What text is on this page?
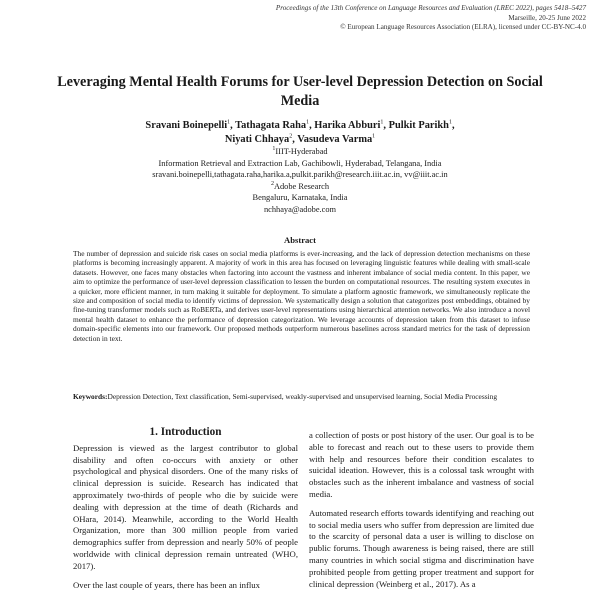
Proceedings of the 13th Conference on Language Resources and Evaluation (LREC 2022), pages 5418–5427
Marseille, 20-25 June 2022
© European Language Resources Association (ELRA), licensed under CC-BY-NC-4.0
Leveraging Mental Health Forums for User-level Depression Detection on Social Media
Sravani Boinepelli$^1$, Tathagata Raha$^1$, Harika Abburi$^1$, Pulkit Parikh$^1$,
Niyati Chhaya$^2$, Vasudeva Varma$^1$
$^1$IIIT-Hyderabad
Information Retrieval and Extraction Lab, Gachibowli, Hyderabad, Telangana, India
sravani.boinepelli,tathagata.raha,harika.a,pulkit.parikh@research.iiit.ac.in, vv@iiit.ac.in
$^2$Adobe Research
Bengaluru, Karnataka, India
nchhaya@adobe.com
Abstract
The number of depression and suicide risk cases on social media platforms is ever-increasing, and the lack of depression detection mechanisms on these platforms is becoming increasingly apparent. A majority of work in this area has focused on leveraging linguistic features while dealing with small-scale datasets. However, one faces many obstacles when factoring into account the vastness and inherent imbalance of social media content. In this paper, we aim to optimize the performance of user-level depression classification to lessen the burden on computational resources. The resulting system executes in a quicker, more efficient manner, in turn making it suitable for deployment. To simulate a platform agnostic framework, we simultaneously replicate the size and composition of social media to identify victims of depression. We systematically design a solution that categorizes post embeddings, obtained by fine-tuning transformer models such as RoBERTa, and derives user-level representations using hierarchical attention networks. We also introduce a novel mental health dataset to enhance the performance of depression categorization. We leverage accounts of depression taken from this dataset to infuse domain-specific elements into our framework. Our proposed methods outperform numerous baselines across standard metrics for the task of depression detection in text.
Keywords:Depression Detection, Text classification, Semi-supervised, weakly-supervised and unsupervised learning, Social Media Processing
1. Introduction

Depression is viewed as the largest contributor to global disability and often co-occurs with anxiety or other psychological and physical disorders. One of the many risks of clinical depression is suicide. Research has indicated that approximately two-thirds of people who die by suicide were dealing with depression at the time of death (Richards and OHara, 2014). Meanwhile, according to the World Health Organization, more than 300 million people from varied demographics suffer from depression and nearly 50% of people worldwide with clinical depression remain untreated (WHO, 2017).

Over the last couple of years, there has been an influx

a collection of posts or post history of the user. Our goal is to be able to forecast and reach out to these users to provide them with help and resources before their condition escalates to suicidal ideation. However, this is a colossal task wrought with obstacles such as the inherent imbalance and vastness of social media.

Automated research efforts towards identifying and reaching out to social media users who suffer from depression are limited due to the scarcity of personal data a user is willing to disclose on public forums. Though awareness is being raised, there are still many countries in which social stigma and discrimination have prohibited people from getting proper treatment and support for clinical depression (Weinberg et al., 2017). As a
